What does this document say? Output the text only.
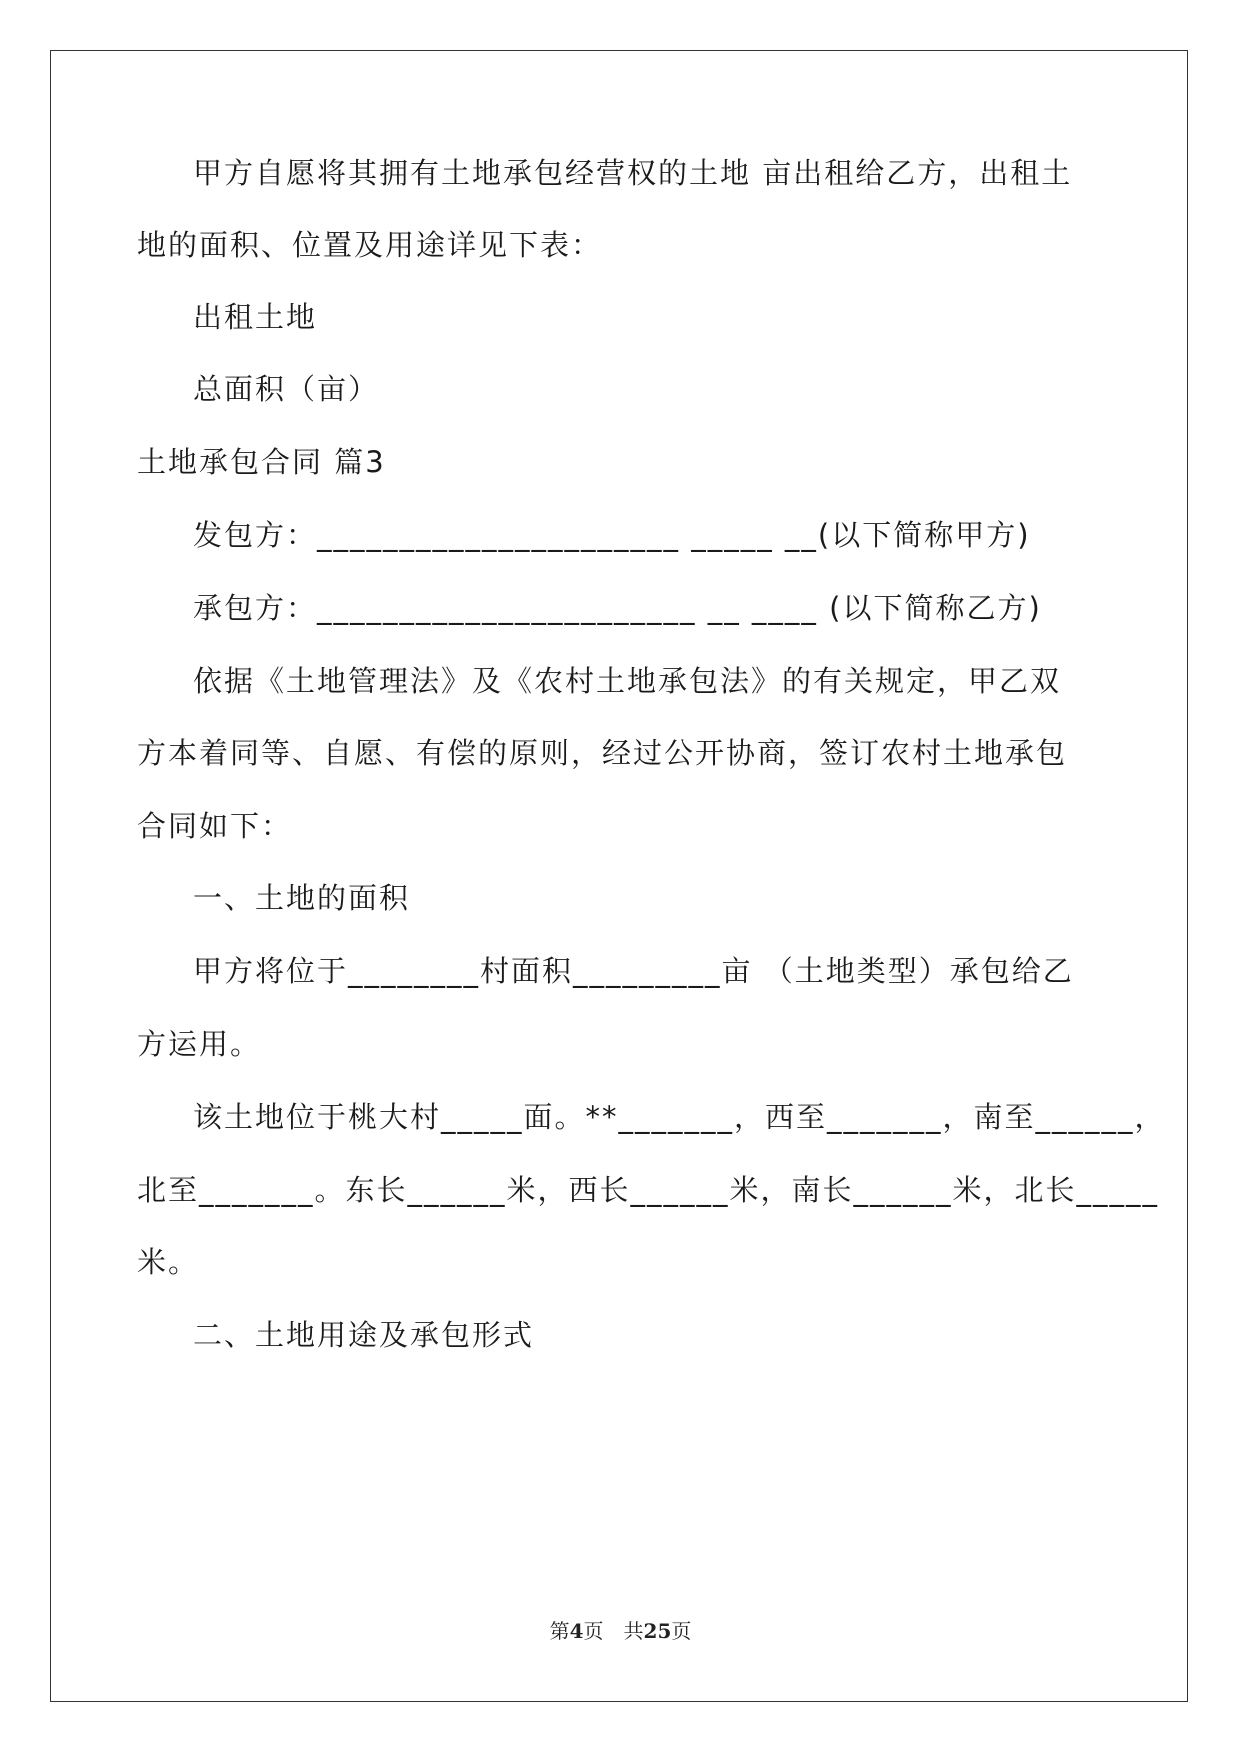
甲方自愿将其拥有土地承包经营权的土地 亩出租给乙方，出租土
地的面积、位置及用途详见下表：
出租土地
总面积（亩）
土地承包合同 篇3
发包方：______________________ _____ __(以下简称甲方)
承包方：_______________________ __ ____ (以下简称乙方)
依据《土地管理法》及《农村土地承包法》的有关规定，甲乙双
方本着同等、自愿、有偿的原则，经过公开协商，签订农村土地承包
合同如下：
一、土地的面积
甲方将位于________村面积_________亩 （土地类型）承包给乙
方运用。
该土地位于桃大村_____面。**_______，西至_______，南至______，
北至_______。东长______米，西长______米，南长______米，北长_____
米。
二、土地用途及承包形式
第4页　共25页
